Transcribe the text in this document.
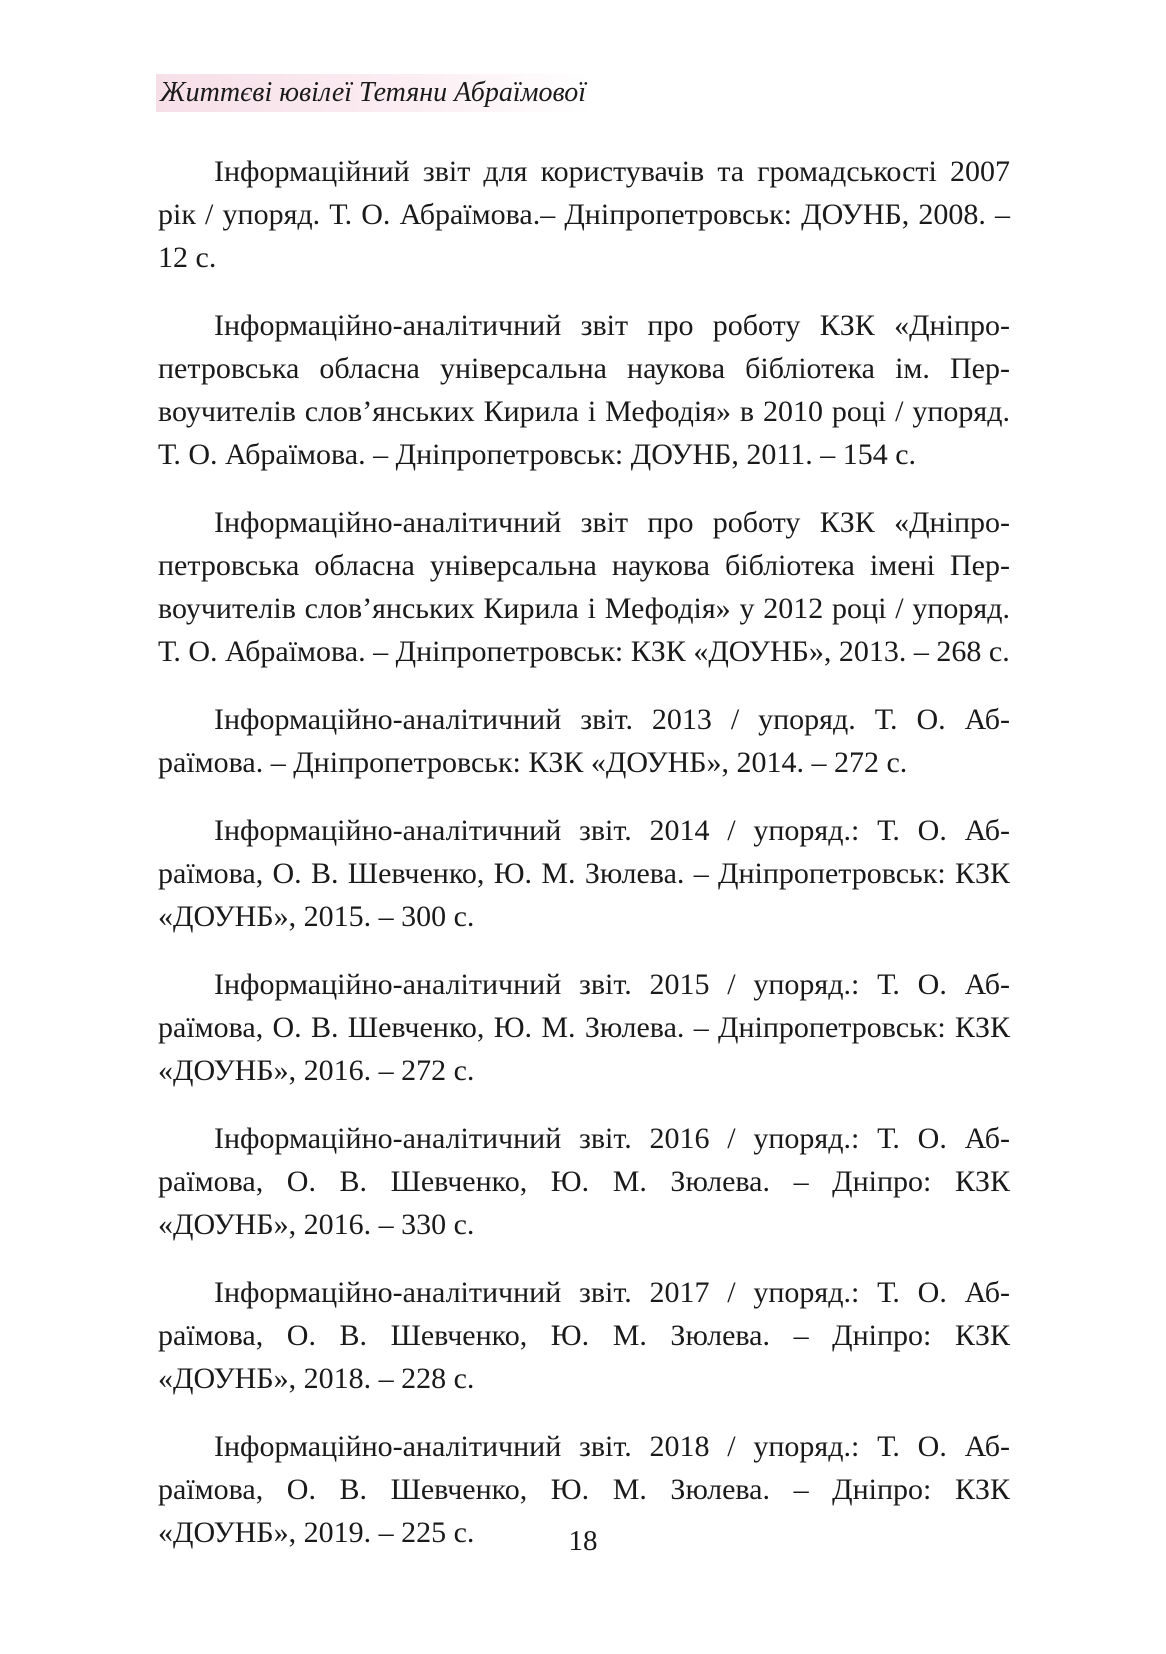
Життєві ювілеї Тетяни Абраїмової

Інформаційний звіт для користувачів та громадськості 2007 рік / упоряд. Т. О. Абраїмова.– Дніпропетровськ: ДОУНБ, 2008. – 12 с.

Інформаційно-аналітичний звіт про роботу КЗК «Дніпропетровська обласна універсальна наукова бібліотека ім. Первоучителів слов’янських Кирила і Мефодія» в 2010 році / упоряд. Т. О. Абраїмова. – Дніпропетровськ: ДОУНБ, 2011. – 154 с.

Інформаційно-аналітичний звіт про роботу КЗК «Дніпропетровська обласна універсальна наукова бібліотека імені Первоучителів слов’янських Кирила і Мефодія» у 2012 році / упоряд. Т. О. Абраїмова. – Дніпропетровськ: КЗК «ДОУНБ», 2013. – 268 с.

Інформаційно-аналітичний звіт. 2013 / упоряд. Т. О. Абраїмова. – Дніпропетровськ: КЗК «ДОУНБ», 2014. – 272 с.

Інформаційно-аналітичний звіт. 2014 / упоряд.: Т. О. Абраїмова, О. В. Шевченко, Ю. М. Зюлева. – Дніпропетровськ: КЗК «ДОУНБ», 2015. – 300 с.

Інформаційно-аналітичний звіт. 2015 / упоряд.: Т. О. Абраїмова, О. В. Шевченко, Ю. М. Зюлева. – Дніпропетровськ: КЗК «ДОУНБ», 2016. – 272 с.

Інформаційно-аналітичний звіт. 2016 / упоряд.: Т. О. Абраїмова, О. В. Шевченко, Ю. М. Зюлева. – Дніпро: КЗК «ДОУНБ», 2016. – 330 с.

Інформаційно-аналітичний звіт. 2017 / упоряд.: Т. О. Абраїмова, О. В. Шевченко, Ю. М. Зюлева. – Дніпро: КЗК «ДОУНБ», 2018. – 228 с.

Інформаційно-аналітичний звіт. 2018 / упоряд.: Т. О. Абраїмова, О. В. Шевченко, Ю. М. Зюлева. – Дніпро: КЗК «ДОУНБ», 2019. – 225 с.	18
